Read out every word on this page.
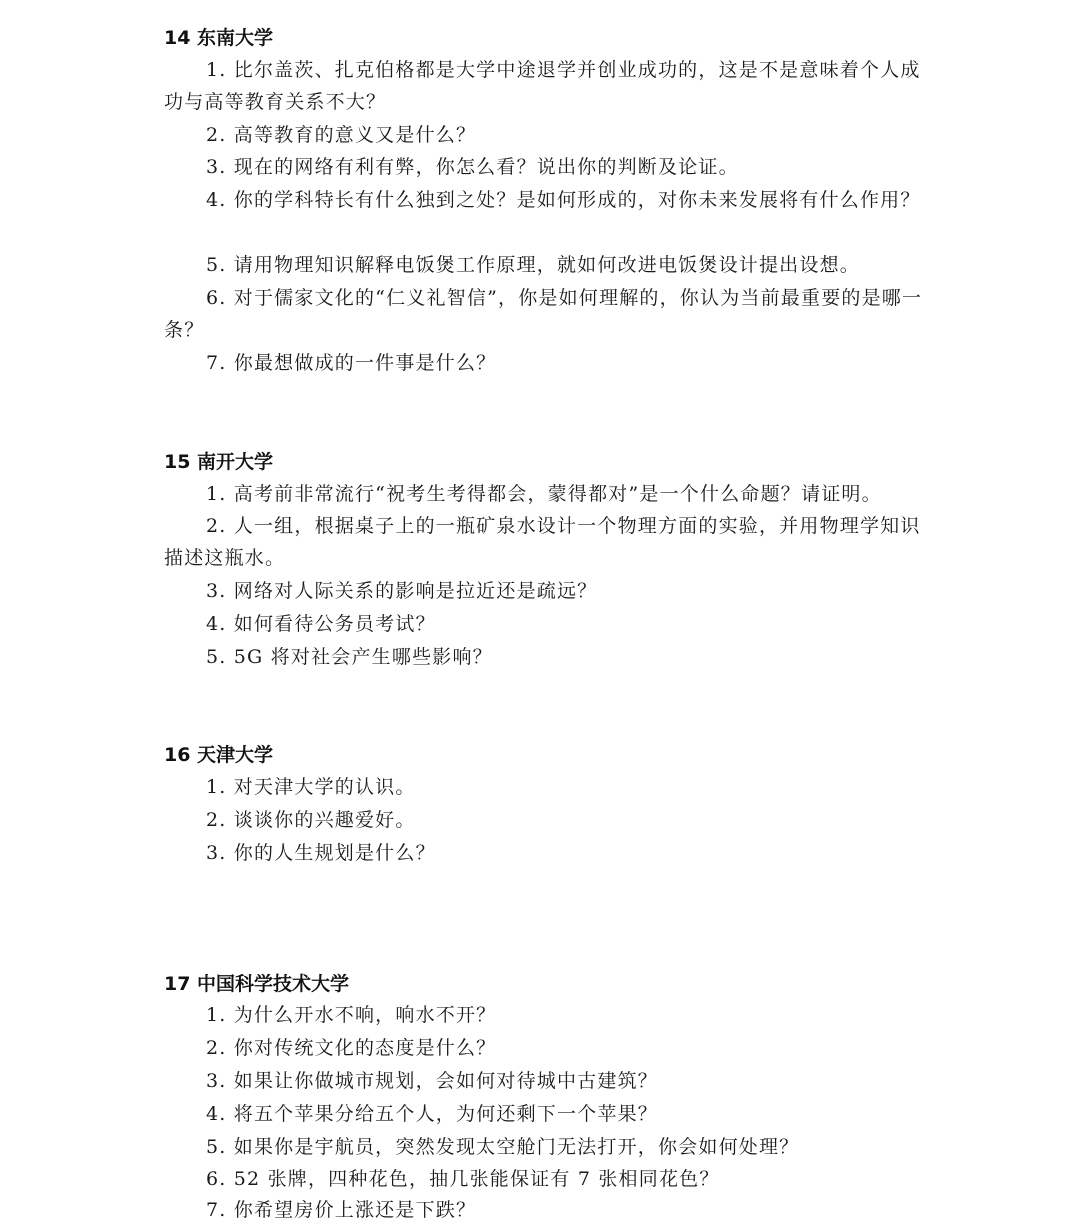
14 东南大学
1. 比尔盖茨、扎克伯格都是大学中途退学并创业成功的，这是不是意味着个人成功与高等教育关系不大？
2. 高等教育的意义又是什么？
3. 现在的网络有利有弊，你怎么看？说出你的判断及论证。
4. 你的学科特长有什么独到之处？是如何形成的，对你未来发展将有什么作用？
5. 请用物理知识解释电饭煲工作原理，就如何改进电饭煲设计提出设想。
6. 对于儒家文化的“仁义礼智信”，你是如何理解的，你认为当前最重要的是哪一条？
7. 你最想做成的一件事是什么？
15 南开大学
1. 高考前非常流行“祝考生考得都会，蒙得都对”是一个什么命题？请证明。
2. 人一组，根据桌子上的一瓶矿泉水设计一个物理方面的实验，并用物理学知识描述这瓶水。
3. 网络对人际关系的影响是拉近还是疏远？
4. 如何看待公务员考试？
5. 5G 将对社会产生哪些影响？
16 天津大学
1. 对天津大学的认识。
2. 谈谈你的兴趣爱好。
3. 你的人生规划是什么？
17 中国科学技术大学
1. 为什么开水不响，响水不开？
2. 你对传统文化的态度是什么？
3. 如果让你做城市规划，会如何对待城中古建筑？
4. 将五个苹果分给五个人，为何还剩下一个苹果？
5. 如果你是宇航员，突然发现太空舱门无法打开，你会如何处理？
6. 52 张牌，四种花色，抽几张能保证有 7 张相同花色？
7. 你希望房价上涨还是下跌？
